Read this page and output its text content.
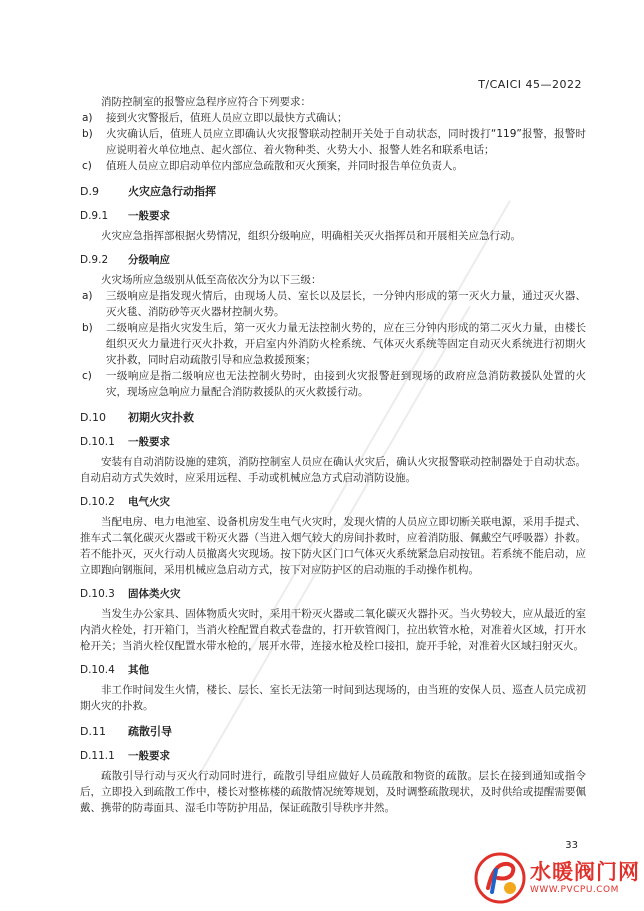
T/CAICI 45—2022

消防控制室的报警应急程序应符合下列要求：

a)	接到火灾警报后，值班人员应立即以最快方式确认；
b)	火灾确认后，值班人员应立即确认火灾报警联动控制开关处于自动状态，同时拨打“119”报警，报警时应说明着火单位地点、起火部位、着火物种类、火势大小、报警人姓名和联系电话；
c)	值班人员应立即启动单位内部应急疏散和灭火预案，并同时报告单位负责人。
D.9	火灾应急行动指挥
D.9.1 一般要求

火灾应急指挥部根据火势情况，组织分级响应，明确相关灭火指挥员和开展相关应急行动。

D.9.2 分级响应

火灾场所应急级别从低至高依次分为以下三级：

a)	三级响应是指发现火情后，由现场人员、室长以及层长，一分钟内形成的第一灭火力量，通过灭火器、灭火毯、消防砂等灭火器材控制火势。
b)	二级响应是指火灾发生后，第一灭火力量无法控制火势的，应在三分钟内形成的第二灭火力量，由楼长组织灭火力量进行灭火扑救，开启室内外消防火栓系统、气体灭火系统等固定自动灭火系统进行初期火灾扑救，同时启动疏散引导和应急救援预案；
c)	一级响应是指二级响应也无法控制火势时，由接到火灾报警赶到现场的政府应急消防救援队处置的火灾，现场应急响应力量配合消防救援队的灭火救援行动。
D.10 初期火灾扑救
D.10.1 一般要求

安装有自动消防设施的建筑，消防控制室人员应在确认火灾后，确认火灾报警联动控制器处于自动状态。自动启动方式失效时，应采用远程、手动或机械应急方式启动消防设施。

D.10.2 电气火灾

当配电房、电力电池室、设备机房发生电气火灾时，发现火情的人员应立即切断关联电源，采用手提式、推车式二氧化碳灭火器或干粉灭火器（当进入烟气较大的房间扑救时，应着消防服、佩戴空气呼吸器）扑救。若不能扑灭，灭火行动人员撤离火灾现场。按下防火区门口气体灭火系统紧急启动按钮。若系统不能启动，应立即跑向钢瓶间，采用机械应急启动方式，按下对应防护区的启动瓶的手动操作机构。

D.10.3 固体类火灾

当发生办公家具、固体物质火灾时，采用干粉灭火器或二氧化碳灭火器扑灭。当火势较大，应从最近的室内消火栓处，打开箱门，当消火栓配置自救式卷盘的，打开软管阀门，拉出软管水枪，对准着火区域，打开水枪开关；当消火栓仅配置水带水枪的，展开水带，连接水枪及栓口接扣，旋开手轮，对准着火区域扫射灭火。

D.10.4 其他

非工作时间发生火情，楼长、层长、室长无法第一时间到达现场的，由当班的安保人员、巡查人员完成初期火灾的扑救。

D.11 疏散引导
D.11.1 一般要求

疏散引导行动与灭火行动同时进行，疏散引导组应做好人员疏散和物资的疏散。层长在接到通知或指令后，立即投入到疏散工作中，楼长对整栋楼的疏散情况统筹规划，及时调整疏散现状，及时供给或提醒需要佩戴、携带的防毒面具、湿毛巾等防护用品，保证疏散引导秩序井然。

33
水暖阀门网
WWW.PVCPU.COM
